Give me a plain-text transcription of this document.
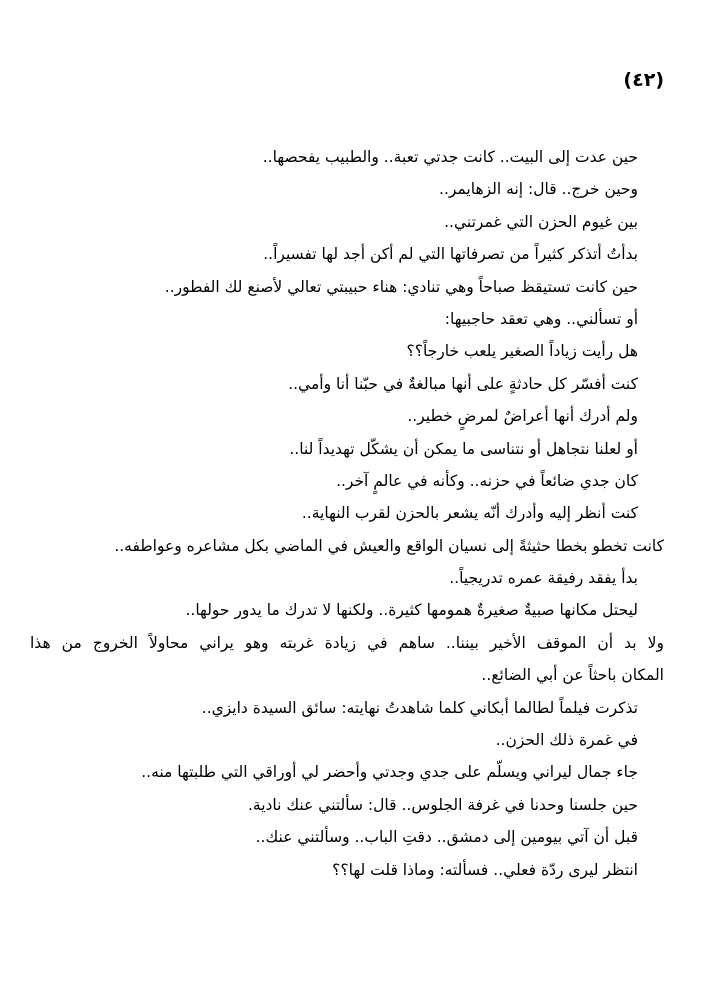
(٤٢)
حين عدت إلى البيت.. كانت جدتي تعبة.. والطبيب يفحصها..
وحين خرج.. قال: إنه الزهايمر..
بين غيوم الحزن التي غمرتني..
بدأتُ أتذكر كثيراً من تصرفاتها التي لم أكن أجد لها تفسيراً..
حين كانت تستيقظ صباحاً وهي تنادي: هناء حبيبتي تعالي لأصنع لك الفطور..
أو تسألني.. وهي تعقد حاجبيها:
هل رأيت زياداً الصغير يلعب خارجاً؟؟
كنت أفسّر كل حادثةٍ على أنها مبالغةٌ في حبّنا أنا وأمي..
ولم أدرك أنها أعراضٌ لمرضٍ خطير..
أو لعلنا نتجاهل أو نتناسى ما يمكن أن يشكّل تهديداً لنا..
كان جدي ضائعاً في حزنه.. وكأنه في عالمٍ آخر..
كنت أنظر إليه وأدرك أنّه يشعر بالحزن لقرب النهاية..
كانت تخطو بخطا حثيثةً إلى نسيان الواقع والعيش في الماضي بكل مشاعره وعواطفه..
بدأ يفقد رفيقة عمره تدريجياً..
ليحتل مكانها صبيةٌ صغيرةٌ همومها كثيرة.. ولكنها لا تدرك ما يدور حولها..
ولا بد أن الموقف الأخير بيننا.. ساهم في زيادة غربته وهو يراني محاولاً الخروج من هذا
المكان باحثاً عن أبي الضائع..
تذكرت فيلماً لطالما أبكاني كلما شاهدتُ نهايته: سائق السيدة دايزي..
في غمرة ذلك الحزن..
جاء جمال ليراني ويسلّم على جدي وجدتي وأحضر لي أوراقي التي طلبتها منه..
حين جلسنا وحدنا في غرفة الجلوس.. قال: سألتني عنك نادية.
قبل أن آتي بيومين إلى دمشق.. دقتِ الباب.. وسألتني عنك..
انتظر ليرى ردّة فعلي.. فسألته: وماذا قلت لها؟؟
